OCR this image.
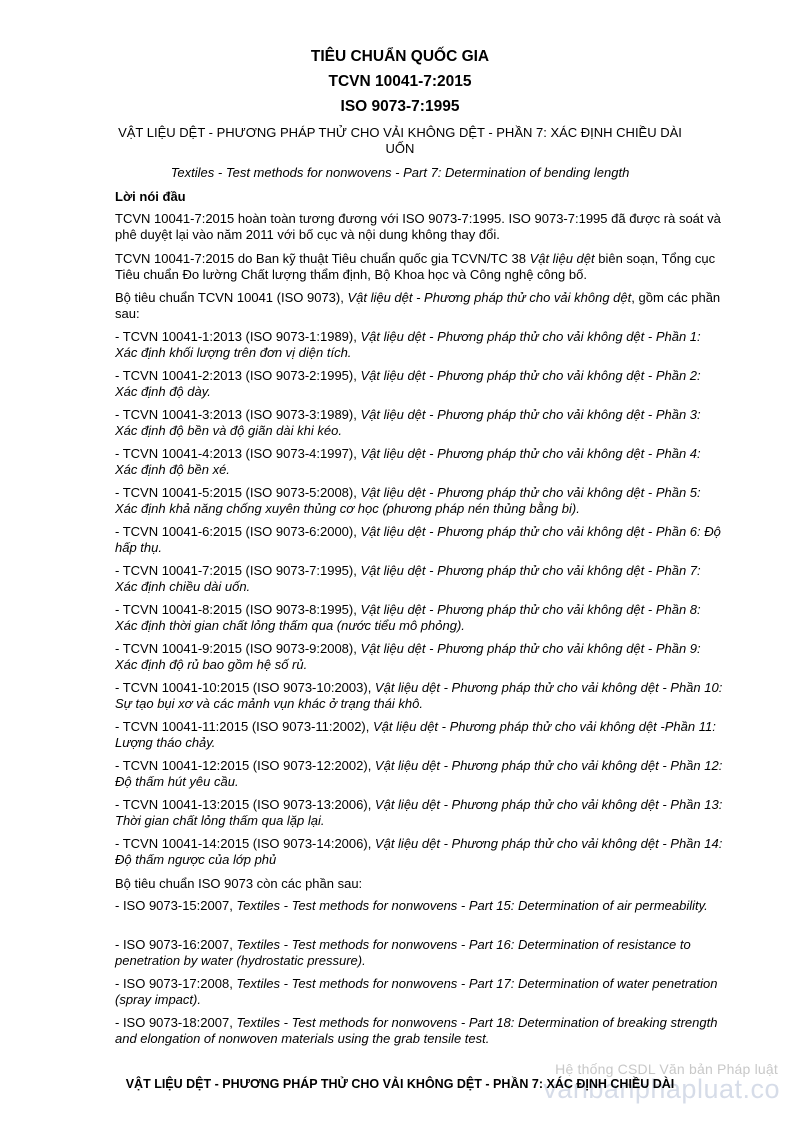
TIÊU CHUẨN QUỐC GIA
TCVN 10041-7:2015
ISO 9073-7:1995
VẬT LIỆU DỆT - PHƯƠNG PHÁP THỬ CHO VẢI KHÔNG DỆT - PHẦN 7: XÁC ĐỊNH CHIỀU DÀI
UỐN
Textiles - Test methods for nonwovens - Part 7: Determination of bending length
Lời nói đầu

TCVN 10041-7:2015 hoàn toàn tương đương với ISO 9073-7:1995. ISO 9073-7:1995 đã được rà soát và phê duyệt lại vào năm 2011 với bố cục và nội dung không thay đổi.

TCVN 10041-7:2015 do Ban kỹ thuật Tiêu chuẩn quốc gia TCVN/TC 38 Vật liệu dệt biên soạn, Tổng cục Tiêu chuẩn Đo lường Chất lượng thẩm định, Bộ Khoa học và Công nghệ công bố.

Bộ tiêu chuẩn TCVN 10041 (ISO 9073), Vật liệu dệt - Phương pháp thử cho vải không dệt, gồm các phần sau:

- TCVN 10041-1:2013 (ISO 9073-1:1989), Vật liệu dệt - Phương pháp thử cho vải không dệt - Phần 1: Xác định khối lượng trên đơn vị diện tích.

- TCVN 10041-2:2013 (ISO 9073-2:1995), Vật liệu dệt - Phương pháp thử cho vải không dệt - Phần 2: Xác định độ dày.

- TCVN 10041-3:2013 (ISO 9073-3:1989), Vật liệu dệt - Phương pháp thử cho vải không dệt - Phần 3: Xác định độ bền và độ giãn dài khi kéo.

- TCVN 10041-4:2013 (ISO 9073-4:1997), Vật liệu dệt - Phương pháp thử cho vải không dệt - Phần 4: Xác định độ bền xé.

- TCVN 10041-5:2015 (ISO 9073-5:2008), Vật liệu dệt - Phương pháp thử cho vải không dệt - Phần 5: Xác định khả năng chống xuyên thủng cơ học (phương pháp nén thủng bằng bi).

- TCVN 10041-6:2015 (ISO 9073-6:2000), Vật liệu dệt - Phương pháp thử cho vải không dệt - Phần 6: Độ hấp thụ.

- TCVN 10041-7:2015 (ISO 9073-7:1995), Vật liệu dệt - Phương pháp thử cho vải không dệt - Phần 7: Xác định chiều dài uốn.

- TCVN 10041-8:2015 (ISO 9073-8:1995), Vật liệu dệt - Phương pháp thử cho vải không dệt - Phần 8: Xác định thời gian chất lỏng thấm qua (nước tiểu mô phỏng).

- TCVN 10041-9:2015 (ISO 9073-9:2008), Vật liệu dệt - Phương pháp thử cho vải không dệt - Phần 9: Xác định độ rủ bao gồm hệ số rủ.

- TCVN 10041-10:2015 (ISO 9073-10:2003), Vật liệu dệt - Phương pháp thử cho vải không dệt - Phần 10: Sự tạo bụi xơ và các mảnh vụn khác ở trạng thái khô.

- TCVN 10041-11:2015 (ISO 9073-11:2002), Vật liệu dệt - Phương pháp thử cho vải không dệt -Phần 11: Lượng tháo chảy.

- TCVN 10041-12:2015 (ISO 9073-12:2002), Vật liệu dệt - Phương pháp thử cho vải không dệt - Phần 12: Độ thấm hút yêu cầu.

- TCVN 10041-13:2015 (ISO 9073-13:2006), Vật liệu dệt - Phương pháp thử cho vải không dệt - Phần 13: Thời gian chất lỏng thấm qua lặp lại.

- TCVN 10041-14:2015 (ISO 9073-14:2006), Vật liệu dệt - Phương pháp thử cho vải không dệt - Phần 14: Độ thấm ngược của lớp phủ

Bộ tiêu chuẩn ISO 9073 còn các phần sau:

- ISO 9073-15:2007, Textiles - Test methods for nonwovens - Part 15: Determination of air permeability.

- ISO 9073-16:2007, Textiles - Test methods for nonwovens - Part 16: Determination of resistance to penetration by water (hydrostatic pressure).

- ISO 9073-17:2008, Textiles - Test methods for nonwovens - Part 17: Determination of water penetration (spray impact).

- ISO 9073-18:2007, Textiles - Test methods for nonwovens - Part 18: Determination of breaking strength and elongation of nonwoven materials using the grab tensile test.

Hệ thống CSDL Văn bản Pháp luật
vanbanphapluat.co
VẬT LIỆU DỆT - PHƯƠNG PHÁP THỬ CHO VẢI KHÔNG DỆT - PHẦN 7: XÁC ĐỊNH CHIỀU DÀI
